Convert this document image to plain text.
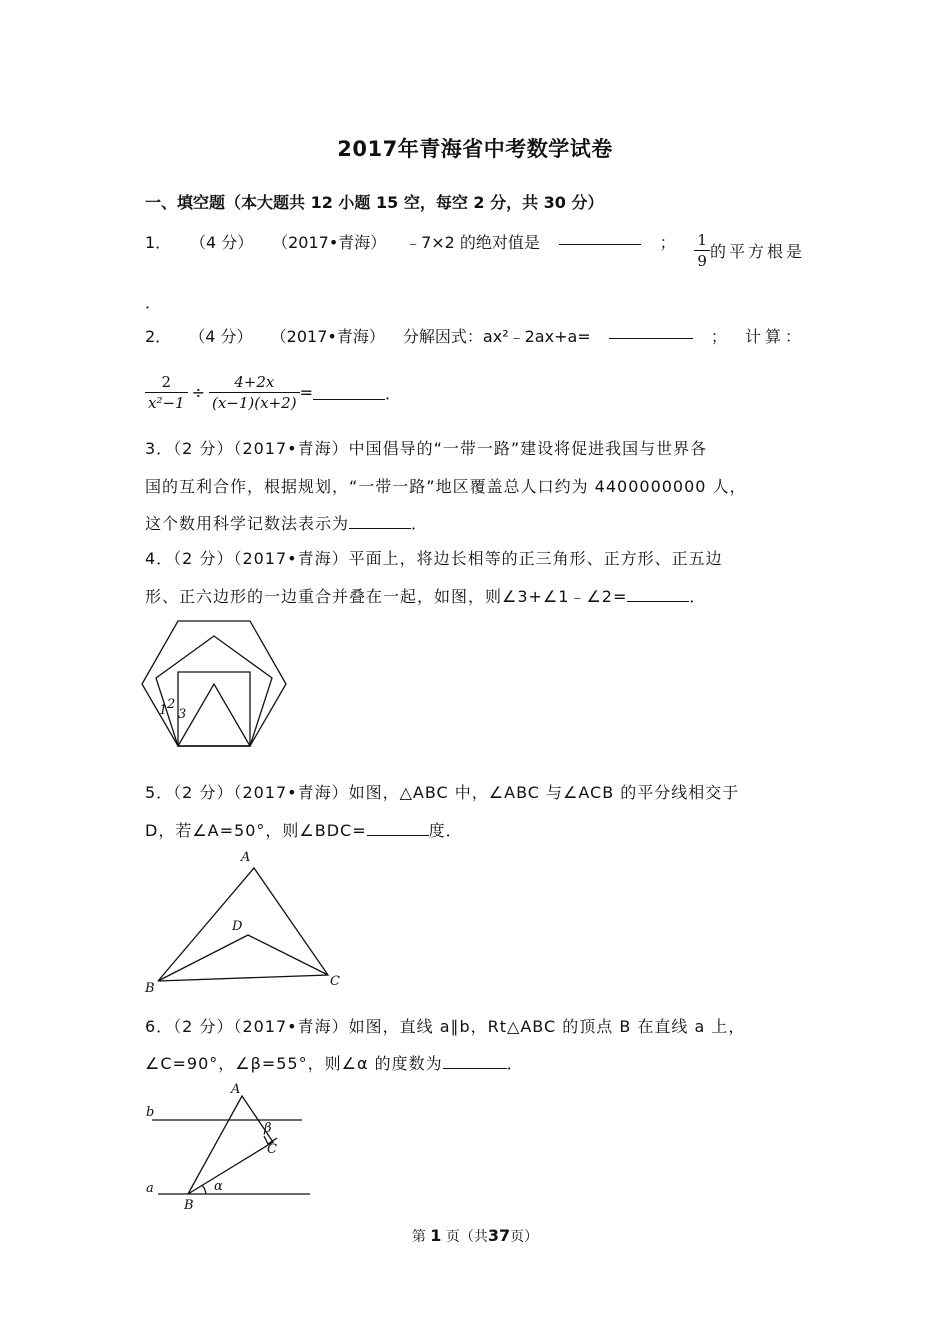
2017年青海省中考数学试卷
一、填空题（本大题共 12 小题 15 空，每空 2 分，共 30 分）
1． （4 分） （2017•青海） ﹣7×2 的绝对值是	； $\frac{1}{9}$ 的平方根是
．
2． （4 分） （2017•青海） 分解因式：ax²﹣2ax+a=	； 计算：
$\frac{2}{\text{x²−1}} \div \frac{4+2x}{(x-1)(x+2)}$ =	．
3．（2 分）（2017•青海）中国倡导的“一带一路”建设将促进我国与世界各
国的互利合作，根据规划，“一带一路”地区覆盖总人口约为 4400000000 人，
这个数用科学记数法表示为	．
4．（2 分）（2017•青海）平面上，将边长相等的正三角形、正方形、正五边
形、正六边形的一边重合并叠在一起，如图，则∠3+∠1﹣∠2=	．
1 2
3
5．（2 分）（2017•青海）如图，△ABC 中，∠ABC 与∠ACB 的平分线相交于
D，若∠A=50°，则∠BDC=	度．
A
B	C
D
6．（2 分）（2017•青海）如图，直线 a∥b，Rt△ABC 的顶点 B 在直线 a 上，
∠C=90°，∠β=55°，则∠α 的度数为	．
A
B
C
b
a	α
β
第 1 页（共37页）
